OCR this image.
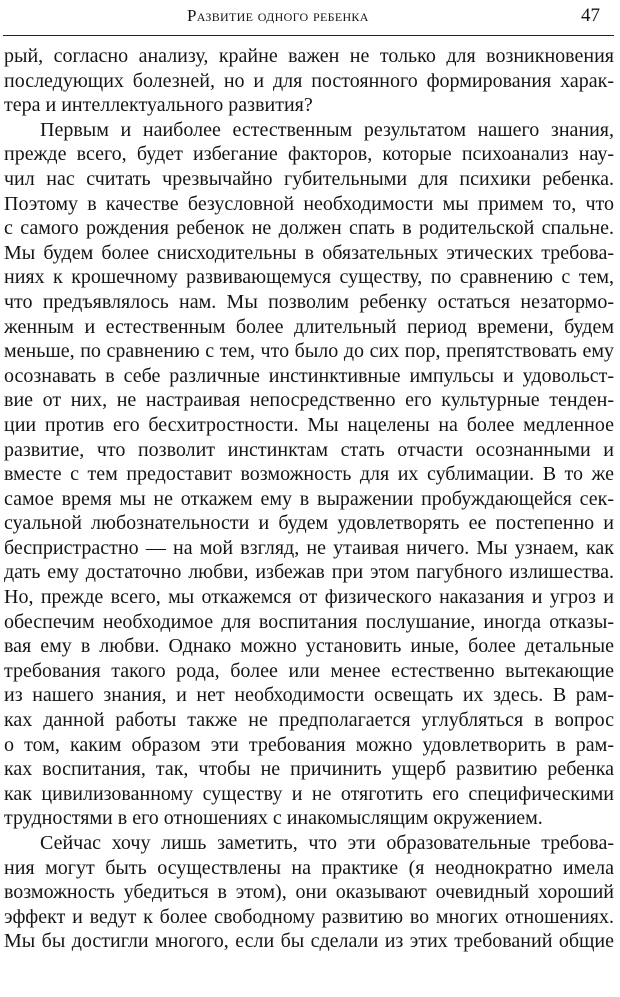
Развитие одного ребенка	47
рый, согласно анализу, крайне важен не только для возникновения
последующих болезней, но и для постоянного формирования харак-
тера и интеллектуального развития?
Первым и наиболее естественным результатом нашего знания,
прежде всего, будет избегание факторов, которые психоанализ нау-
чил нас считать чрезвычайно губительными для психики ребенка.
Поэтому в качестве безусловной необходимости мы примем то, что
с самого рождения ребенок не должен спать в родительской спальне.
Мы будем более снисходительны в обязательных этических требова-
ниях к крошечному развивающемуся существу, по сравнению с тем,
что предъявлялось нам. Мы позволим ребенку остаться незатормо-
женным и естественным более длительный период времени, будем
меньше, по сравнению с тем, что было до сих пор, препятствовать ему
осознавать в себе различные инстинктивные импульсы и удовольст-
вие от них, не настраивая непосредственно его культурные тенден-
ции против его бесхитростности. Мы нацелены на более медленное
развитие, что позволит инстинктам стать отчасти осознанными и
вместе с тем предоставит возможность для их сублимации. В то же
самое время мы не откажем ему в выражении пробуждающейся сек-
суальной любознательности и будем удовлетворять ее постепенно и
беспристрастно — на мой взгляд, не утаивая ничего. Мы узнаем, как
дать ему достаточно любви, избежав при этом пагубного излишества.
Но, прежде всего, мы откажемся от физического наказания и угроз и
обеспечим необходимое для воспитания послушание, иногда отказы-
вая ему в любви. Однако можно установить иные, более детальные
требования такого рода, более или менее естественно вытекающие
из нашего знания, и нет необходимости освещать их здесь. В рам-
ках данной работы также не предполагается углубляться в вопрос
о том, каким образом эти требования можно удовлетворить в рам-
ках воспитания, так, чтобы не причинить ущерб развитию ребенка
как цивилизованному существу и не отяготить его специфическими
трудностями в его отношениях с инакомыслящим окружением.
Сейчас хочу лишь заметить, что эти образовательные требова-
ния могут быть осуществлены на практике (я неоднократно имела
возможность убедиться в этом), они оказывают очевидный хороший
эффект и ведут к более свободному развитию во многих отношениях.
Мы бы достигли многого, если бы сделали из этих требований общие
